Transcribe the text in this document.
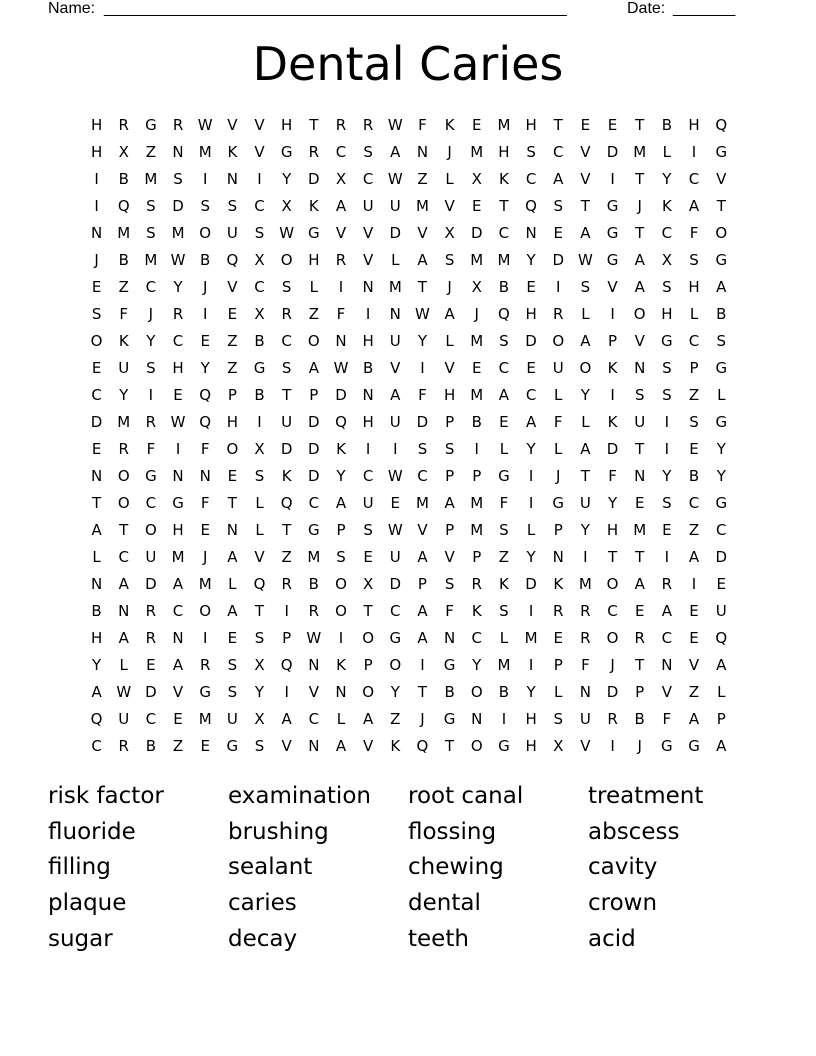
Name: ____________________________________________________	Date: _______
Dental Caries
H	R	G	R	W	V	V	H	T	R	R	W	F	K	E	M	H	T	E	E	T	B	H	Q
H	X	Z	N	M	K	V	G	R	C	S	A	N	J	M	H	S	C	V	D	M	L	I	G
I	B	M	S	I	N	I	Y	D	X	C	W	Z	L	X	K	C	A	V	I	T	Y	C	V
I	Q	S	D	S	S	C	X	K	A	U	U	M	V	E	T	Q	S	T	G	J	K	A	T
N	M	S	M	O	U	S	W	G	V	V	D	V	X	D	C	N	E	A	G	T	C	F	O
J	B	M	W	B	Q	X	O	H	R	V	L	A	S	M	M	Y	D	W	G	A	X	S	G
E	Z	C	Y	J	V	C	S	L	I	N	M	T	J	X	B	E	I	S	V	A	S	H	A
S	F	J	R	I	E	X	R	Z	F	I	N	W	A	J	Q	H	R	L	I	O	H	L	B
O	K	Y	C	E	Z	B	C	O	N	H	U	Y	L	M	S	D	O	A	P	V	G	C	S
E	U	S	H	Y	Z	G	S	A	W	B	V	I	V	E	C	E	U	O	K	N	S	P	G
C	Y	I	E	Q	P	B	T	P	D	N	A	F	H	M	A	C	L	Y	I	S	S	Z	L
D	M	R	W	Q	H	I	U	D	Q	H	U	D	P	B	E	A	F	L	K	U	I	S	G
E	R	F	I	F	O	X	D	D	K	I	I	S	S	I	L	Y	L	A	D	T	I	E	Y
N	O	G	N	N	E	S	K	D	Y	C	W	C	P	P	G	I	J	T	F	N	Y	B	Y
T	O	C	G	F	T	L	Q	C	A	U	E	M	A	M	F	I	G	U	Y	E	S	C	G
A	T	O	H	E	N	L	T	G	P	S	W	V	P	M	S	L	P	Y	H	M	E	Z	C
L	C	U	M	J	A	V	Z	M	S	E	U	A	V	P	Z	Y	N	I	T	T	I	A	D
N	A	D	A	M	L	Q	R	B	O	X	D	P	S	R	K	D	K	M	O	A	R	I	E
B	N	R	C	O	A	T	I	R	O	T	C	A	F	K	S	I	R	R	C	E	A	E	U
H	A	R	N	I	E	S	P	W	I	O	G	A	N	C	L	M	E	R	O	R	C	E	Q
Y	L	E	A	R	S	X	Q	N	K	P	O	I	G	Y	M	I	P	F	J	T	N	V	A
A	W	D	V	G	S	Y	I	V	N	O	Y	T	B	O	B	Y	L	N	D	P	V	Z	L
Q	U	C	E	M	U	X	A	C	L	A	Z	J	G	N	I	H	S	U	R	B	F	A	P
C	R	B	Z	E	G	S	V	N	A	V	K	Q	T	O	G	H	X	V	I	J	G	G	A
risk factor	examination	root canal	treatment
fluoride	brushing	flossing	abscess
filling	sealant	chewing	cavity
plaque	caries	dental	crown
sugar	decay	teeth	acid
